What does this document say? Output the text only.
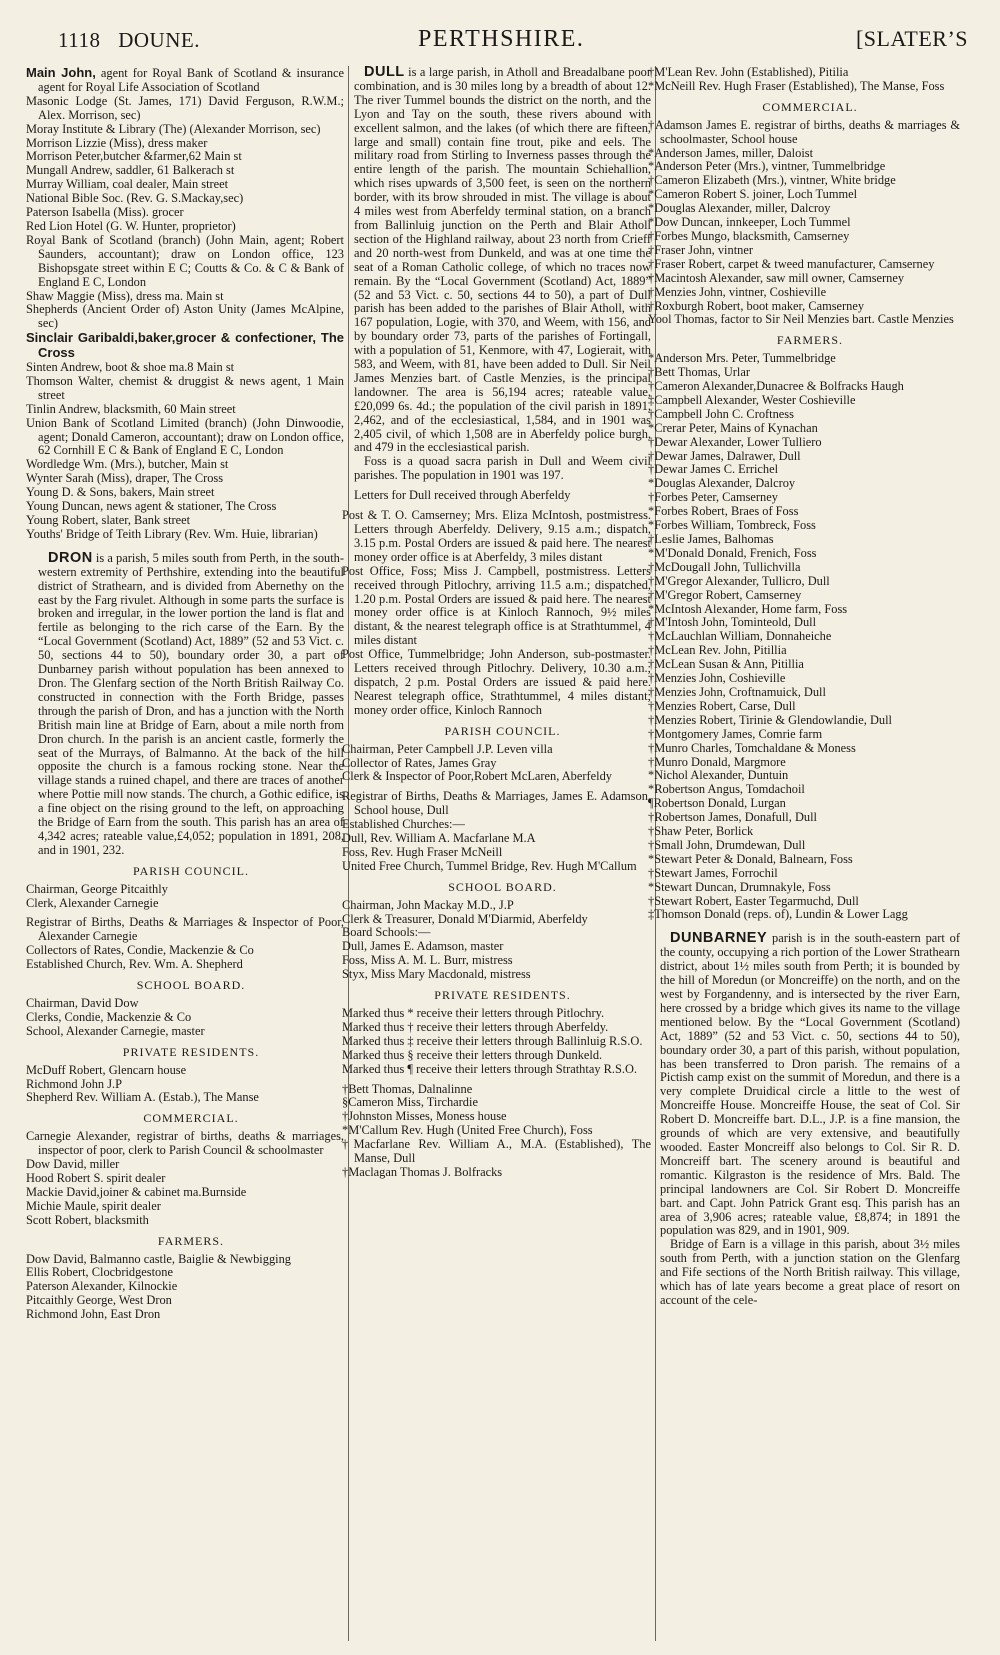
1118 DOUNE.	PERTHSHIRE.	[SLATER’S

Main John, agent for Royal Bank of Scotland & insurance agent for Royal Life Association of Scotland

Masonic Lodge (St. James, 171) David Ferguson, R.W.M.; Alex. Morrison, sec)

Moray Institute & Library (The) (Alexander Morrison, sec)

Morrison Lizzie (Miss), dress maker

Morrison Peter,butcher &farmer,62 Main st

Mungall Andrew, saddler, 61 Balkerach st

Murray William, coal dealer, Main street

National Bible Soc. (Rev. G. S.Mackay,sec)

Paterson Isabella (Miss). grocer

Red Lion Hotel (G. W. Hunter, proprietor)

Royal Bank of Scotland (branch) (John Main, agent; Robert Saunders, accountant); draw on London office, 123 Bishopsgate street within E C; Coutts & Co. & C & Bank of England E C, London

Shaw Maggie (Miss), dress ma. Main st

Shepherds (Ancient Order of) Aston Unity (James McAlpine, sec)

Sinclair Garibaldi,baker,grocer & confectioner, The Cross

Sinten Andrew, boot & shoe ma.8 Main st

Thomson Walter, chemist & druggist & news agent, 1 Main street

Tinlin Andrew, blacksmith, 60 Main street

Union Bank of Scotland Limited (branch) (John Dinwoodie, agent; Donald Cameron, accountant); draw on London office, 62 Cornhill E C & Bank of England E C, London

Wordledge Wm. (Mrs.), butcher, Main st

Wynter Sarah (Miss), draper, The Cross

Young D. & Sons, bakers, Main street

Young Duncan, news agent & stationer, The Cross

Young Robert, slater, Bank street

Youths' Bridge of Teith Library (Rev. Wm. Huie, librarian)

DRON is a parish, 5 miles south from Perth, in the south-western extremity of Perthshire, extending into the beautiful district of Strathearn, and is divided from Abernethy on the east by the Farg rivulet. Although in some parts the surface is broken and irregular, in the lower portion the land is flat and fertile as belonging to the rich carse of the Earn. By the “Local Government (Scotland) Act, 1889” (52 and 53 Vict. c. 50, sections 44 to 50), boundary order 30, a part of Dunbarney parish without population has been annexed to Dron. The Glenfarg section of the North British Railway Co. constructed in connection with the Forth Bridge, passes through the parish of Dron, and has a junction with the North British main line at Bridge of Earn, about a mile north from Dron church. In the parish is an ancient castle, formerly the seat of the Murrays, of Balmanno. At the back of the hill opposite the church is a famous rocking stone. Near the village stands a ruined chapel, and there are traces of another where Pottie mill now stands. The church, a Gothic edifice, is a fine object on the rising ground to the left, on approaching the Bridge of Earn from the south. This parish has an area of 4,342 acres; rateable value,£4,052; population in 1891, 208, and in 1901, 232.

PARISH COUNCIL.

Chairman, George Pitcaithly

Clerk, Alexander Carnegie

Registrar of Births, Deaths & Marriages & Inspector of Poor, Alexander Carnegie

Collectors of Rates, Condie, Mackenzie & Co

Established Church, Rev. Wm. A. Shepherd

SCHOOL BOARD.

Chairman, David Dow

Clerks, Condie, Mackenzie & Co

School, Alexander Carnegie, master

PRIVATE RESIDENTS.

McDuff Robert, Glencarn house

Richmond John J.P

Shepherd Rev. William A. (Estab.), The Manse

COMMERCIAL.

Carnegie Alexander, registrar of births, deaths & marriages, inspector of poor, clerk to Parish Council & schoolmaster

Dow David, miller

Hood Robert S. spirit dealer

Mackie David,joiner & cabinet ma.Burnside

Michie Maule, spirit dealer

Scott Robert, blacksmith

FARMERS.

Dow David, Balmanno castle, Baiglie & Newbigging

Ellis Robert, Clocbridgestone

Paterson Alexander, Kilnockie

Pitcaithly George, West Dron

Richmond John, East Dron

DULL is a large parish, in Atholl and Breadalbane poor combination, and is 30 miles long by a breadth of about 12. The river Tummel bounds the district on the north, and the Lyon and Tay on the south, these rivers abound with excellent salmon, and the lakes (of which there are fifteen, large and small) contain fine trout, pike and eels. The military road from Stirling to Inverness passes through the entire length of the parish. The mountain Schiehallion, which rises upwards of 3,500 feet, is seen on the northern border, with its brow shrouded in mist. The village is about 4 miles west from Aberfeldy terminal station, on a branch from Ballinluig junction on the Perth and Blair Atholl section of the Highland railway, about 23 north from Crieff and 20 north-west from Dunkeld, and was at one time the seat of a Roman Catholic college, of which no traces now remain. By the “Local Government (Scotland) Act, 1889” (52 and 53 Vict. c. 50, sections 44 to 50), a part of Dull parish has been added to the parishes of Blair Atholl, with 167 population, Logie, with 370, and Weem, with 156, and by boundary order 73, parts of the parishes of Fortingall, with a population of 51, Kenmore, with 47, Logierait, with 583, and Weem, with 81, have been added to Dull. Sir Neil James Menzies bart. of Castle Menzies, is the principal landowner. The area is 56,194 acres; rateable value, £20,099 6s. 4d.; the population of the civil parish in 1891, 2,462, and of the ecclesiastical, 1,584, and in 1901 was 2,405 civil, of which 1,508 are in Aberfeldy police burgh, and 479 in the ecclesiastical parish.

Foss is a quoad sacra parish in Dull and Weem civil parishes. The population in 1901 was 197.

Letters for Dull received through Aberfeldy

Post & T. O. Camserney; Mrs. Eliza McIntosh, postmistress. Letters through Aberfeldy. Delivery, 9.15 a.m.; dispatch, 3.15 p.m. Postal Orders are issued & paid here. The nearest money order office is at Aberfeldy, 3 miles distant

Post Office, Foss; Miss J. Campbell, postmistress. Letters received through Pitlochry, arriving 11.5 a.m.; dispatched, 1.20 p.m. Postal Orders are issued & paid here. The nearest money order office is at Kinloch Rannoch, 9½ miles distant, & the nearest telegraph office is at Strathtummel, 4 miles distant

Post Office, Tummelbridge; John Anderson, sub-postmaster. Letters received through Pitlochry. Delivery, 10.30 a.m.; dispatch, 2 p.m. Postal Orders are issued & paid here. Nearest telegraph office, Strathtummel, 4 miles distant; money order office, Kinloch Rannoch

PARISH COUNCIL.

Chairman, Peter Campbell J.P. Leven villa

Collector of Rates, James Gray

Clerk & Inspector of Poor,Robert McLaren, Aberfeldy

Registrar of Births, Deaths & Marriages, James E. Adamson, School house, Dull

Established Churches:—

Dull, Rev. William A. Macfarlane M.A

Foss, Rev. Hugh Fraser McNeill

United Free Church, Tummel Bridge, Rev. Hugh M'Callum

SCHOOL BOARD.

Chairman, John Mackay M.D., J.P

Clerk & Treasurer, Donald M'Diarmid, Aberfeldy

Board Schools:—

Dull, James E. Adamson, master

Foss, Miss A. M. L. Burr, mistress

Styx, Miss Mary Macdonald, mistress

PRIVATE RESIDENTS.

Marked thus * receive their letters through Pitlochry.

Marked thus † receive their letters through Aberfeldy.

Marked thus ‡ receive their letters through Ballinluig R.S.O.

Marked thus § receive their letters through Dunkeld.

Marked thus ¶ receive their letters through Strathtay R.S.O.

†Bett Thomas, Dalnalinne

§Cameron Miss, Tirchardie

†Johnston Misses, Moness house

*M'Callum Rev. Hugh (United Free Church), Foss

†Macfarlane Rev. William A., M.A. (Established), The Manse, Dull

†Maclagan Thomas J. Bolfracks

†M'Lean Rev. John (Established), Pitilia

*McNeill Rev. Hugh Fraser (Established), The Manse, Foss

COMMERCIAL.

†Adamson James E. registrar of births, deaths & marriages & schoolmaster, School house

*Anderson James, miller, Daloist

*Anderson Peter (Mrs.), vintner, Tummelbridge

†Cameron Elizabeth (Mrs.), vintner, White bridge

*Cameron Robert S. joiner, Loch Tummel

*Douglas Alexander, miller, Dalcroy

*Dow Duncan, innkeeper, Loch Tummel

†Forbes Mungo, blacksmith, Camserney

†Fraser John, vintner

†Fraser Robert, carpet & tweed manufacturer, Camserney

†Macintosh Alexander, saw mill owner, Camserney

†Menzies John, vintner, Coshieville

†Roxburgh Robert, boot maker, Camserney

Yool Thomas, factor to Sir Neil Menzies bart. Castle Menzies

FARMERS.

*Anderson Mrs. Peter, Tummelbridge

†Bett Thomas, Urlar

†Cameron Alexander,Dunacree & Bolfracks Haugh

‡Campbell Alexander, Wester Coshieville

†Campbell John C. Croftness

*Crerar Peter, Mains of Kynachan

†Dewar Alexander, Lower Tulliero

†Dewar James, Dalrawer, Dull

†Dewar James C. Errichel

*Douglas Alexander, Dalcroy

†Forbes Peter, Camserney

*Forbes Robert, Braes of Foss

*Forbes William, Tombreck, Foss

†Leslie James, Balhomas

*M'Donald Donald, Frenich, Foss

†McDougall John, Tullichvilla

†M'Gregor Alexander, Tullicro, Dull

†M'Gregor Robert, Camserney

*McIntosh Alexander, Home farm, Foss

†M'Intosh John, Tominteold, Dull

†McLauchlan William, Donnaheiche

†McLean Rev. John, Pitillia

†McLean Susan & Ann, Pitillia

†Menzies John, Coshieville

†Menzies John, Croftnamuick, Dull

†Menzies Robert, Carse, Dull

†Menzies Robert, Tirinie & Glendowlandie, Dull

†Montgomery James, Comrie farm

†Munro Charles, Tomchaldane & Moness

†Munro Donald, Margmore

*Nichol Alexander, Duntuin

*Robertson Angus, Tomdachoil

¶Robertson Donald, Lurgan

†Robertson James, Donafull, Dull

†Shaw Peter, Borlick

†Small John, Drumdewan, Dull

*Stewart Peter & Donald, Balnearn, Foss

†Stewart James, Forrochil

*Stewart Duncan, Drumnakyle, Foss

†Stewart Robert, Easter Tegarmuchd, Dull

‡Thomson Donald (reps. of), Lundin & Lower Lagg

DUNBARNEY parish is in the south-eastern part of the county, occupying a rich portion of the Lower Strathearn district, about 1½ miles south from Perth; it is bounded by the hill of Moredun (or Moncreiffe) on the north, and on the west by Forgandenny, and is intersected by the river Earn, here crossed by a bridge which gives its name to the village mentioned below. By the “Local Government (Scotland) Act, 1889” (52 and 53 Vict. c. 50, sections 44 to 50), boundary order 30, a part of this parish, without population, has been transferred to Dron parish. The remains of a Pictish camp exist on the summit of Moredun, and there is a very complete Druidical circle a little to the west of Moncreiffe House. Moncreiffe House, the seat of Col. Sir Robert D. Moncreiffe bart. D.L., J.P. is a fine mansion, the grounds of which are very extensive, and beautifully wooded. Easter Moncreiff also belongs to Col. Sir R. D. Moncreiff bart. The scenery around is beautiful and romantic. Kilgraston is the residence of Mrs. Bald. The principal landowners are Col. Sir Robert D. Moncreiffe bart. and Capt. John Patrick Grant esq. This parish has an area of 3,906 acres; rateable value, £8,874; in 1891 the population was 829, and in 1901, 909.

Bridge of Earn is a village in this parish, about 3½ miles south from Perth, with a junction station on the Glenfarg and Fife sections of the North British railway. This village, which has of late years become a great place of resort on account of the cele-
